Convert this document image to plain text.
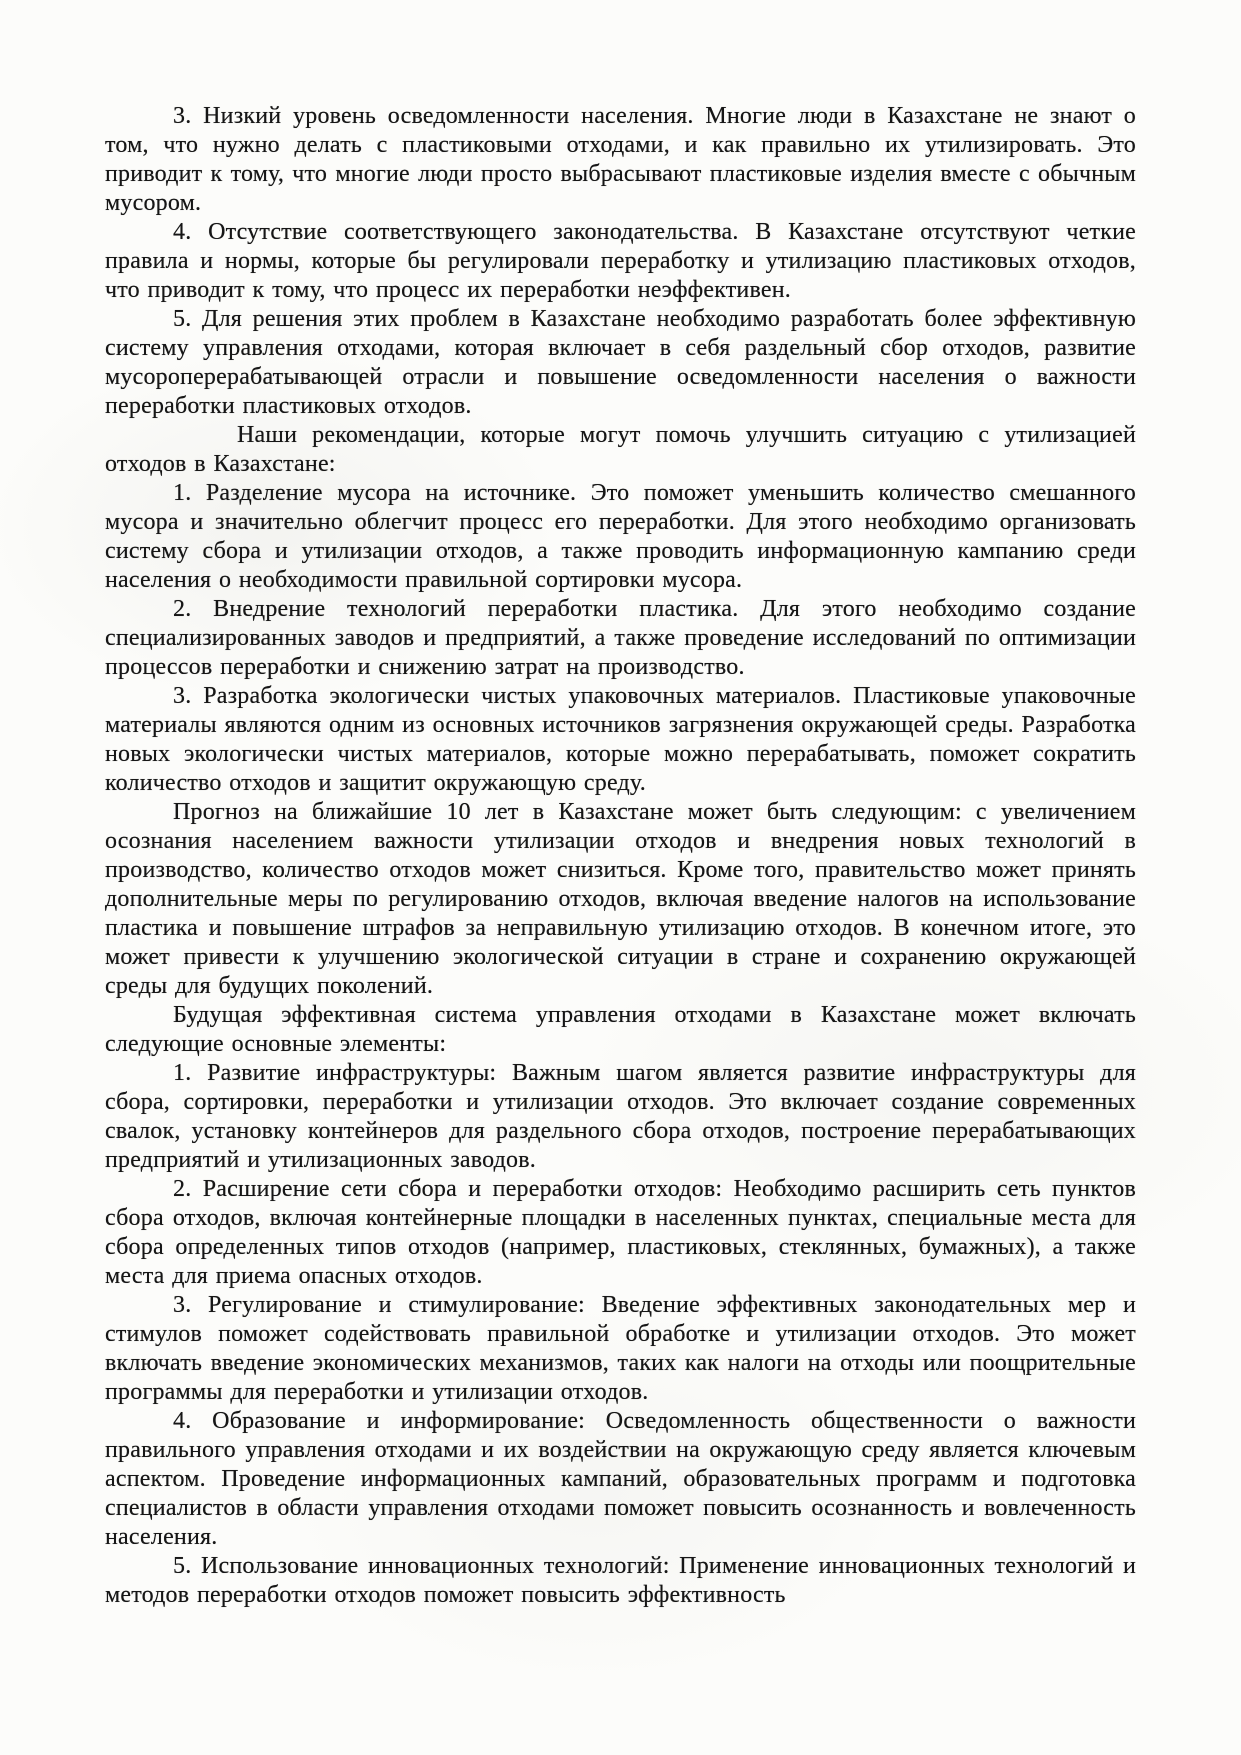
3. Низкий уровень осведомленности населения. Многие люди в Казахстане не знают о том, что нужно делать с пластиковыми отходами, и как правильно их утилизировать. Это приводит к тому, что многие люди просто выбрасывают пластиковые изделия вместе с обычным мусором.

4. Отсутствие соответствующего законодательства. В Казахстане отсутствуют четкие правила и нормы, которые бы регулировали переработку и утилизацию пластиковых отходов, что приводит к тому, что процесс их переработки неэффективен.

5. Для решения этих проблем в Казахстане необходимо разработать более эффективную систему управления отходами, которая включает в себя раздельный сбор отходов, развитие мусороперерабатывающей отрасли и повышение осведомленности населения о важности переработки пластиковых отходов.

Наши рекомендации, которые могут помочь улучшить ситуацию с утилизацией отходов в Казахстане:

1. Разделение мусора на источнике. Это поможет уменьшить количество смешанного мусора и значительно облегчит процесс его переработки. Для этого необходимо организовать систему сбора и утилизации отходов, а также проводить информационную кампанию среди населения о необходимости правильной сортировки мусора.

2. Внедрение технологий переработки пластика. Для этого необходимо создание специализированных заводов и предприятий, а также проведение исследований по оптимизации процессов переработки и снижению затрат на производство.

3. Разработка экологически чистых упаковочных материалов. Пластиковые упаковочные материалы являются одним из основных источников загрязнения окружающей среды. Разработка новых экологически чистых материалов, которые можно перерабатывать, поможет сократить количество отходов и защитит окружающую среду.

Прогноз на ближайшие 10 лет в Казахстане может быть следующим: с увеличением осознания населением важности утилизации отходов и внедрения новых технологий в производство, количество отходов может снизиться. Кроме того, правительство может принять дополнительные меры по регулированию отходов, включая введение налогов на использование пластика и повышение штрафов за неправильную утилизацию отходов. В конечном итоге, это может привести к улучшению экологической ситуации в стране и сохранению окружающей среды для будущих поколений.

Будущая эффективная система управления отходами в Казахстане может включать следующие основные элементы:

1. Развитие инфраструктуры: Важным шагом является развитие инфраструктуры для сбора, сортировки, переработки и утилизации отходов. Это включает создание современных свалок, установку контейнеров для раздельного сбора отходов, построение перерабатывающих предприятий и утилизационных заводов.

2. Расширение сети сбора и переработки отходов: Необходимо расширить сеть пунктов сбора отходов, включая контейнерные площадки в населенных пунктах, специальные места для сбора определенных типов отходов (например, пластиковых, стеклянных, бумажных), а также места для приема опасных отходов.

3. Регулирование и стимулирование: Введение эффективных законодательных мер и стимулов поможет содействовать правильной обработке и утилизации отходов. Это может включать введение экономических механизмов, таких как налоги на отходы или поощрительные программы для переработки и утилизации отходов.

4. Образование и информирование: Осведомленность общественности о важности правильного управления отходами и их воздействии на окружающую среду является ключевым аспектом. Проведение информационных кампаний, образовательных программ и подготовка специалистов в области управления отходами поможет повысить осознанность и вовлеченность населения.

5. Использование инновационных технологий: Применение инновационных технологий и методов переработки отходов поможет повысить эффективность
